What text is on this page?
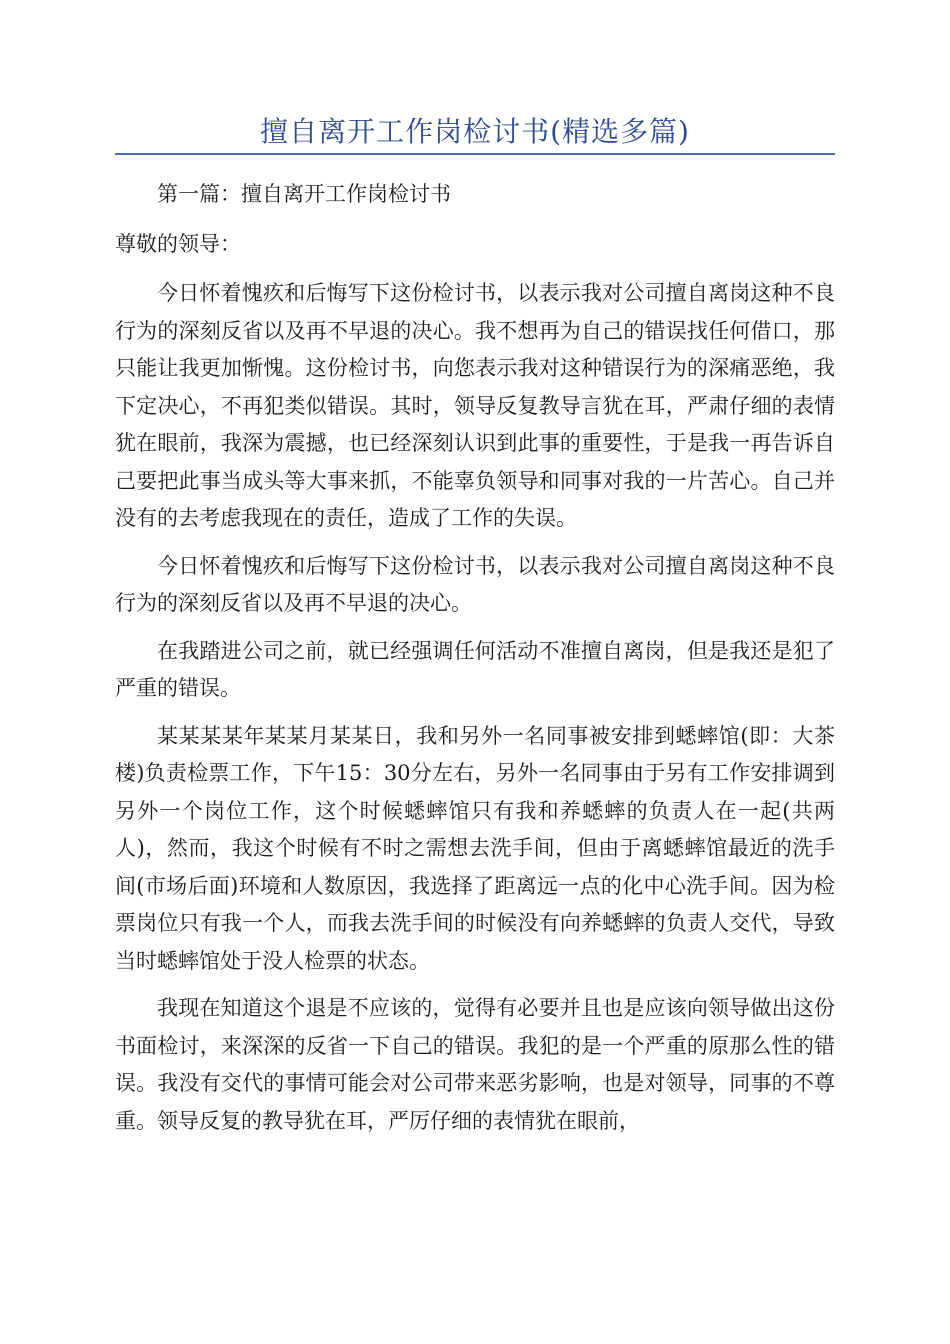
擅自离开工作岗检讨书(精选多篇)

第一篇：擅自离开工作岗检讨书

尊敬的领导：

今日怀着愧疚和后悔写下这份检讨书，以表示我对公司擅自离岗这种不良行为的深刻反省以及再不早退的决心。我不想再为自己的错误找任何借口，那只能让我更加惭愧。这份检讨书，向您表示我对这种错误行为的深痛恶绝，我下定决心，不再犯类似错误。其时，领导反复教导言犹在耳，严肃仔细的表情犹在眼前，我深为震撼，也已经深刻认识到此事的重要性，于是我一再告诉自己要把此事当成头等大事来抓，不能辜负领导和同事对我的一片苦心。自己并没有的去考虑我现在的责任，造成了工作的失误。

今日怀着愧疚和后悔写下这份检讨书，以表示我对公司擅自离岗这种不良行为的深刻反省以及再不早退的决心。

在我踏进公司之前，就已经强调任何活动不准擅自离岗，但是我还是犯了严重的错误。

某某某某年某某月某某日，我和另外一名同事被安排到蟋蟀馆(即：大茶楼)负责检票工作，下午15：30分左右，另外一名同事由于另有工作安排调到另外一个岗位工作，这个时候蟋蟀馆只有我和养蟋蟀的负责人在一起(共两人)，然而，我这个时候有不时之需想去洗手间，但由于离蟋蟀馆最近的洗手间(市场后面)环境和人数原因，我选择了距离远一点的化中心洗手间。因为检票岗位只有我一个人，而我去洗手间的时候没有向养蟋蟀的负责人交代，导致当时蟋蟀馆处于没人检票的状态。

我现在知道这个退是不应该的，觉得有必要并且也是应该向领导做出这份书面检讨，来深深的反省一下自己的错误。我犯的是一个严重的原那么性的错误。我没有交代的事情可能会对公司带来恶劣影响，也是对领导，同事的不尊重。领导反复的教导犹在耳，严厉仔细的表情犹在眼前，
